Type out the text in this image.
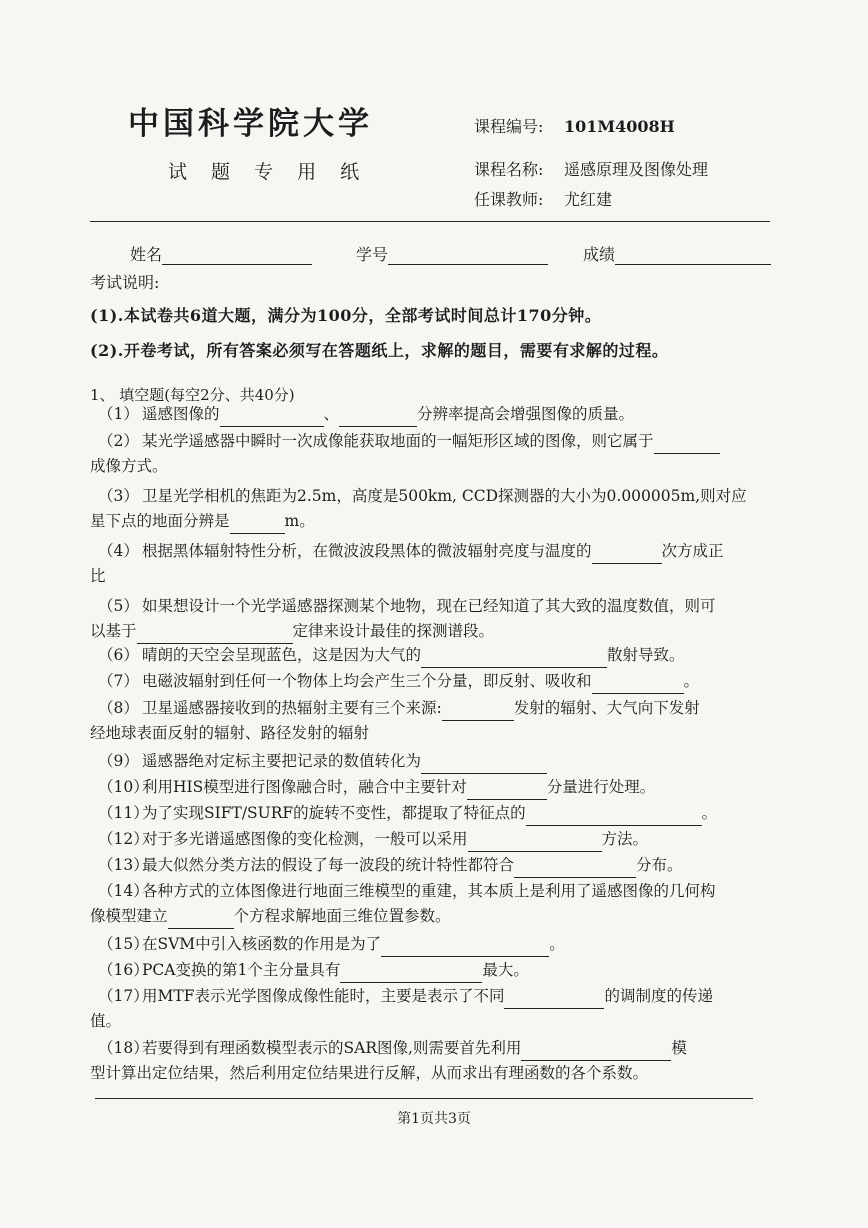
中国科学院大学
试 题 专 用 纸
课程编号: 101M4008H
课程名称: 遥感原理及图像处理
任课教师: 尤红建
姓名	学号	成绩
考试说明:
(1).本试卷共6道大题，满分为100分，全部考试时间总计170分钟。
(2).开卷考试，所有答案必须写在答题纸上，求解的题目，需要有求解的过程。
1、 填空题(每空2分、共40分)
（1） 遥感图像的	、	分辨率提高会增强图像的质量。
（2） 某光学遥感器中瞬时一次成像能获取地面的一幅矩形区域的图像，则它属于
成像方式。
（3） 卫星光学相机的焦距为2.5m，高度是500km, CCD探测器的大小为0.000005m,则对应
星下点的地面分辨是	m。
（4） 根据黑体辐射特性分析，在微波波段黑体的微波辐射亮度与温度的	次方成正
比
（5） 如果想设计一个光学遥感器探测某个地物，现在已经知道了其大致的温度数值，则可
以基于	定律来设计最佳的探测谱段。
（6） 晴朗的天空会呈现蓝色，这是因为大气的	散射导致。
（7） 电磁波辐射到任何一个物体上均会产生三个分量，即反射、吸收和	。
（8） 卫星遥感器接收到的热辐射主要有三个来源:	发射的辐射、大气向下发射
经地球表面反射的辐射、路径发射的辐射
（9） 遥感器绝对定标主要把记录的数值转化为
（10）利用HIS模型进行图像融合时，融合中主要针对	分量进行处理。
（11）为了实现SIFT/SURF的旋转不变性，都提取了特征点的	。
（12）对于多光谱遥感图像的变化检测，一般可以采用	方法。
（13）最大似然分类方法的假设了每一波段的统计特性都符合	分布。
（14）各种方式的立体图像进行地面三维模型的重建，其本质上是利用了遥感图像的几何构
像模型建立	个方程求解地面三维位置参数。
（15）在SVM中引入核函数的作用是为了	。
（16）PCA变换的第1个主分量具有	最大。
（17）用MTF表示光学图像成像性能时，主要是表示了不同	的调制度的传递
值。
（18）若要得到有理函数模型表示的SAR图像,则需要首先利用	模
型计算出定位结果，然后利用定位结果进行反解，从而求出有理函数的各个系数。
第1页共3页
